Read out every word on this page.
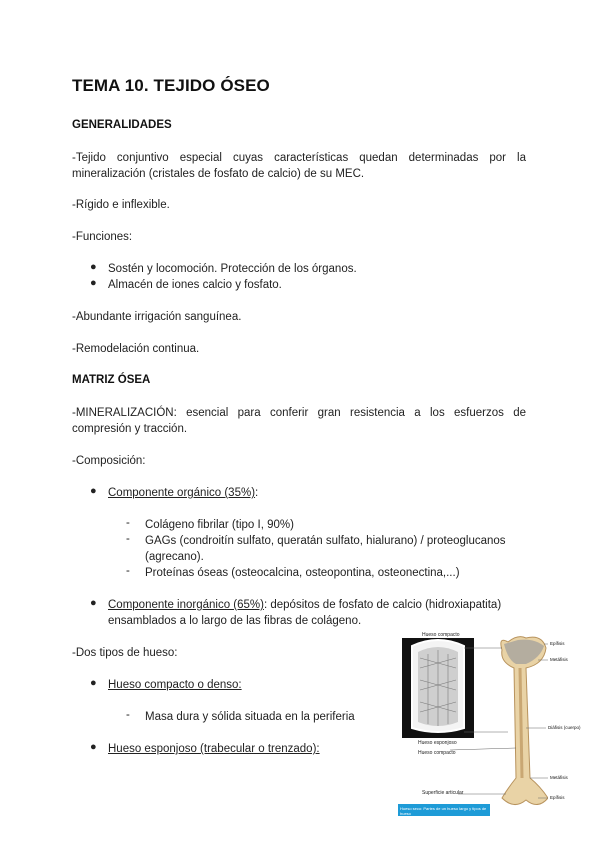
TEMA 10. TEJIDO ÓSEO
GENERALIDADES
-Tejido conjuntivo especial cuyas características quedan determinadas por la
mineralización (cristales de fosfato de calcio) de su MEC.
-Rígido e inflexible.
-Funciones:
● Sostén y locomoción. Protección de los órganos.
● Almacén de iones calcio y fosfato.
-Abundante irrigación sanguínea.
-Remodelación continua.
MATRIZ ÓSEA
-MINERALIZACIÓN: esencial para conferir gran resistencia a los esfuerzos de
compresión y tracción.
-Composición:
● Componente orgánico (35%):
- Colágeno fibrilar (tipo I, 90%)
- GAGs (condroitín sulfato, queratán sulfato, hialurano) / proteoglucanos
(agrecano).
- Proteínas óseas (osteocalcina, osteopontina, osteonectina,...)
● Componente inorgánico (65%): depósitos de fosfato de calcio (hidroxiapatita)
ensamblados a lo largo de las fibras de colágeno.
-Dos tipos de hueso:
● Hueso compacto o denso:
- Masa dura y sólida situada en la periferia
● Hueso esponjoso (trabecular o trenzado):
Hueso compacto
Hueso esponjoso
Hueso compacto
Epífisis
Metáfisis
Diáfisis (cuerpo)
Metáfisis
Epífisis
Superficie articular
Hueso seco: Partes de un hueso largo y tipos de hueso
